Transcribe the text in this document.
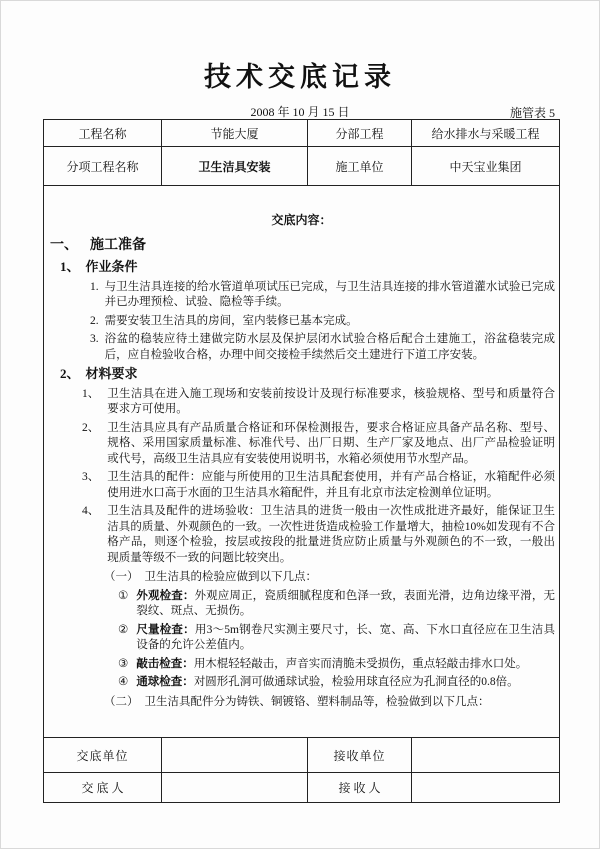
技术交底记录
2008 年 10 月 15 日	施管表 5
工程名称	节能大厦	分部工程	给水排水与采暖工程
分项工程名称	卫生洁具安装	施工单位	中天宝业集团

交底内容：
一、 施工准备
1、 作业条件
1. 与卫生洁具连接的给水管道单项试压已完成，与卫生洁具连接的排水管道灌水试验已完成并已办理预检、试验、隐检等手续。
2. 需要安装卫生洁具的房间，室内装修已基本完成。
3. 浴盆的稳装应待土建做完防水层及保护层闭水试验合格后配合土建施工，浴盆稳装完成后，应自检验收合格，办理中间交接检手续然后交土建进行下道工序安装。
2、 材料要求
1、 卫生洁具在进入施工现场和安装前按设计及现行标准要求，核验规格、型号和质量符合要求方可使用。
2、 卫生洁具应具有产品质量合格证和环保检测报告，要求合格证应具备产品名称、型号、规格、采用国家质量标准、标准代号、出厂日期、生产厂家及地点、出厂产品检验证明或代号，高级卫生洁具应有安装使用说明书，水箱必须使用节水型产品。
3、 卫生洁具的配件：应能与所使用的卫生洁具配套使用，并有产品合格证，水箱配件必须使用进水口高于水面的卫生洁具水箱配件，并且有北京市法定检测单位证明。
4、 卫生洁具及配件的进场验收：卫生洁具的进货一般由一次性成批进齐最好，能保证卫生洁具的质量、外观颜色的一致。一次性进货造成检验工作量增大，抽检10%如发现有不合格产品，则逐个检验，按层或按段的批量进货应防止质量与外观颜色的不一致，一般出现质量等级不一致的问题比较突出。
（一） 卫生洁具的检验应做到以下几点：
① 外观检查：外观应周正，瓷质细腻程度和色泽一致，表面光滑，边角边缘平滑，无裂纹、斑点、无损伤。
② 尺量检查：用3～5m钢卷尺实测主要尺寸，长、宽、高、下水口直径应在卫生洁具设备的允许公差值内。
③ 敲击检查：用木棍轻轻敲击，声音实而清脆未受损伤，重点轻敲击排水口处。
④ 通球检查：对圆形孔洞可做通球试验，检验用球直径应为孔洞直径的0.8倍。
（二） 卫生洁具配件分为铸铁、铜镀铬、塑料制品等，检验做到以下几点：

交底单位		接收单位	
交 底 人		接 收 人	
